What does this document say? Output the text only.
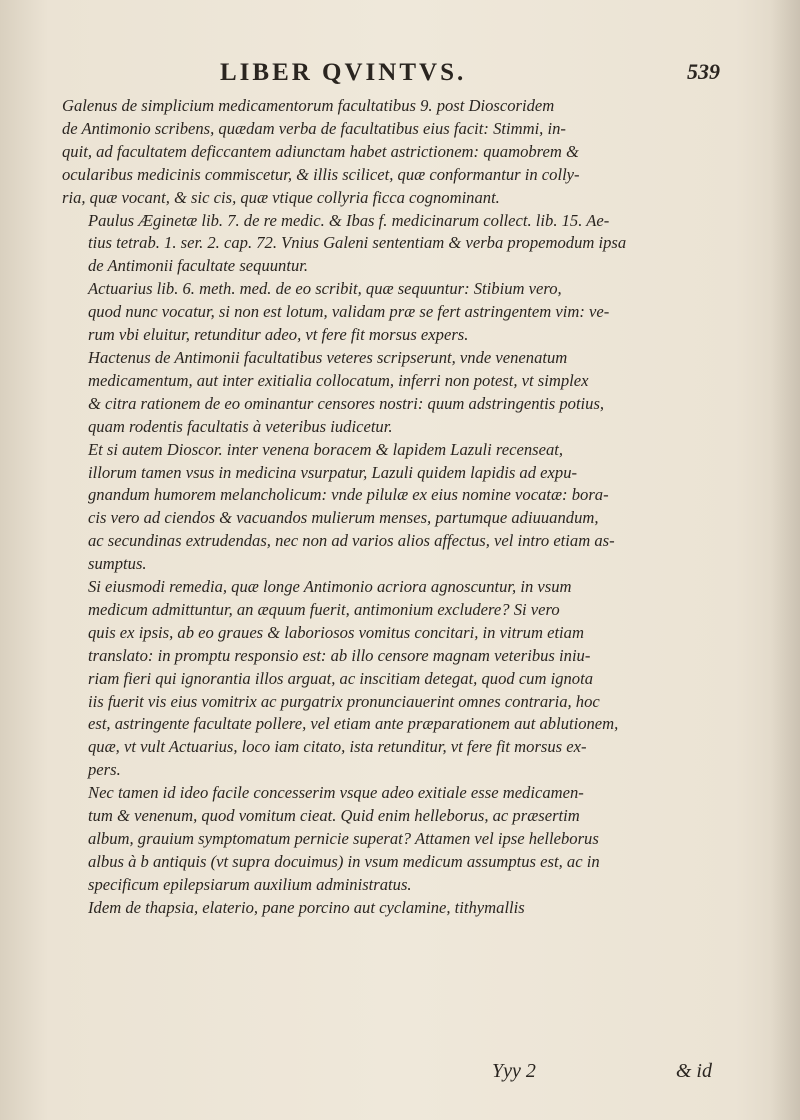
LIBER QVINTVS.	539

Galenus de simplicium medicamentorum facultatibus 9. post Dioscoridem
de Antimonio scribens, quædam verba de facultatibus eius facit: Stimmi, in-
quit, ad facultatem deficcantem adiunctam habet astrictionem: quamobrem &
ocularibus medicinis commiscetur, & illis scilicet, quæ conformantur in colly-
ria, quæ vocant, & sic cis, quæ vtique collyria ficca cognominant.

Paulus Æginetæ lib. 7. de re medic. & Ibas f. medicinarum collect. lib. 15. Ae-
tius tetrab. 1. ser. 2. cap. 72. Vnius Galeni sententiam & verba propemodum ipsa
de Antimonii facultate sequuntur.

Actuarius lib. 6. meth. med. de eo scribit, quæ sequuntur: Stibium vero,
quod nunc vocatur, si non est lotum, validam præ se fert astringentem vim: ve-
rum vbi eluitur, retunditur adeo, vt fere fit morsus expers.

Hactenus de Antimonii facultatibus veteres scripserunt, vnde venenatum
medicamentum, aut inter exitialia collocatum, inferri non potest, vt simplex
& citra rationem de eo ominantur censores nostri: quum adstringentis potius,
quam rodentis facultatis à veteribus iudicetur.

Et si autem Dioscor. inter venena boracem & lapidem Lazuli recenseat,
illorum tamen vsus in medicina vsurpatur, Lazuli quidem lapidis ad expu-
gnandum humorem melancholicum: vnde pilulæ ex eius nomine vocatæ: bora-
cis vero ad ciendos & vacuandos mulierum menses, partumque adiuuandum,
ac secundinas extrudendas, nec non ad varios alios affectus, vel intro etiam as-
sumptus.

Si eiusmodi remedia, quæ longe Antimonio acriora agnoscuntur, in vsum
medicum admittuntur, an æquum fuerit, antimonium excludere? Si vero
quis ex ipsis, ab eo graues & laboriosos vomitus concitari, in vitrum etiam
translato: in promptu responsio est: ab illo censore magnam veteribus iniu-
riam fieri qui ignorantia illos arguat, ac inscitiam detegat, quod cum ignota
iis fuerit vis eius vomitrix ac purgatrix pronunciauerint omnes contraria, hoc
est, astringente facultate pollere, vel etiam ante præparationem aut ablutionem,
quæ, vt vult Actuarius, loco iam citato, ista retunditur, vt fere fit morsus ex-
pers.

Nec tamen id ideo facile concesserim vsque adeo exitiale esse medicamen-
tum & venenum, quod vomitum cieat. Quid enim helleborus, ac præsertim
album, grauium symptomatum pernicie superat? Attamen vel ipse helleborus
albus à b antiquis (vt supra docuimus) in vsum medicum assumptus est, ac in
specificum epilepsiarum auxilium administratus.

Idem de thapsia, elaterio, pane porcino aut cyclamine, tithymallis

Yyy 2	& id
